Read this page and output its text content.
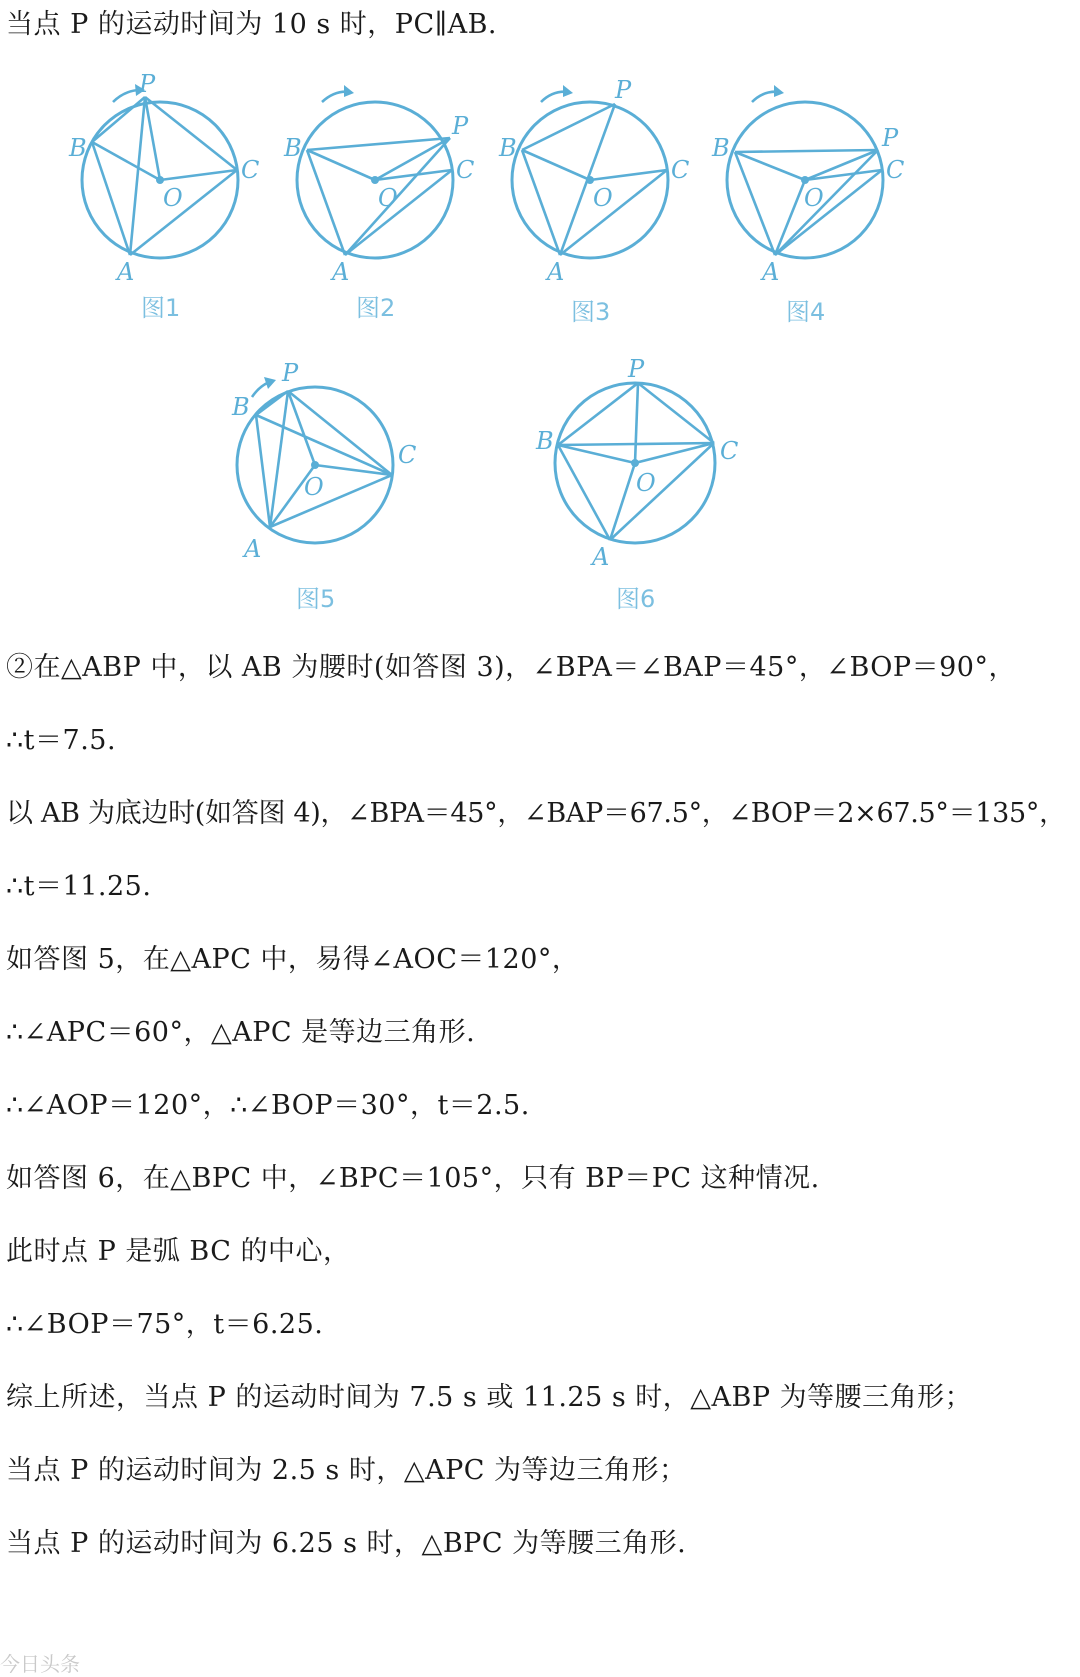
当点 P 的运动时间为 10 s 时，PC∥AB.
P
B
C
O
A
图1
P
B
C
O
A
图2
P
B
C
O
A
图3
P
B
C
O
A
图4
P
B
C
O
A
图5
P
B	C
O
A
图6
②在△ABP 中，以 AB 为腰时(如答图 3)，∠BPA＝∠BAP＝45°，∠BOP＝90°，
∴t＝7.5.
以 AB 为底边时(如答图 4)，∠BPA＝45°，∠BAP＝67.5°，∠BOP＝2×67.5°＝135°，
∴t＝11.25.
如答图 5，在△APC 中，易得∠AOC＝120°，
∴∠APC＝60°，△APC 是等边三角形.
∴∠AOP＝120°，∴∠BOP＝30°，t＝2.5.
如答图 6，在△BPC 中，∠BPC＝105°，只有 BP＝PC 这种情况.
此时点 P 是弧 BC 的中心，
∴∠BOP＝75°，t＝6.25.
综上所述，当点 P 的运动时间为 7.5 s 或 11.25 s 时，△ABP 为等腰三角形；
当点 P 的运动时间为 2.5 s 时，△APC 为等边三角形；
当点 P 的运动时间为 6.25 s 时，△BPC 为等腰三角形.
今日头条
